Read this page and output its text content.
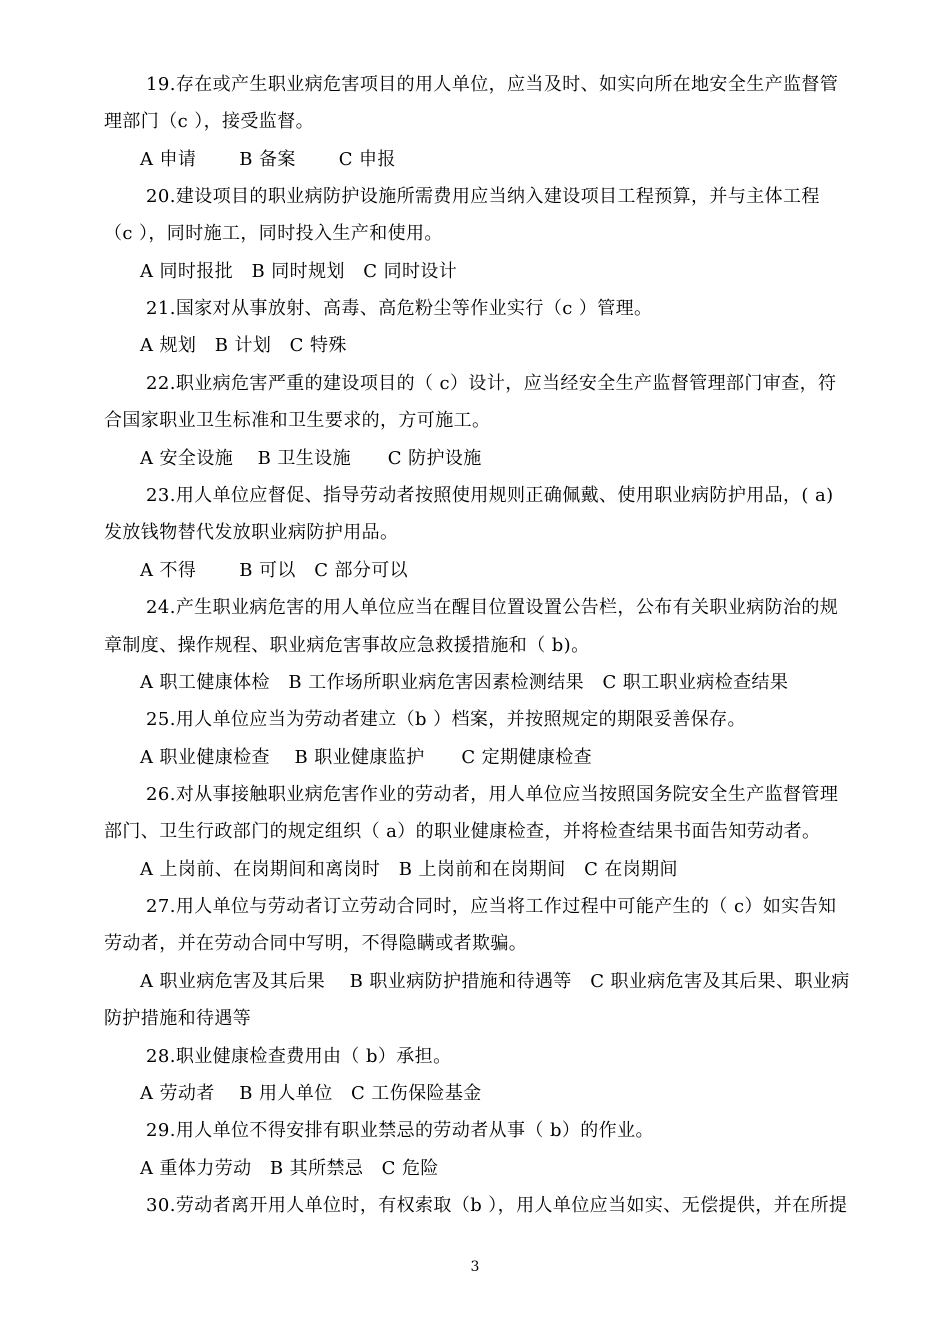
19.存在或产生职业病危害项目的用人单位，应当及时、如实向所在地安全生产监督管
理部门（c ），接受监督。
A 申请　　 B 备案　　 C 申报
20.建设项目的职业病防护设施所需费用应当纳入建设项目工程预算，并与主体工程
（c ），同时施工，同时投入生产和使用。
A 同时报批　B 同时规划　C 同时设计
21.国家对从事放射、高毒、高危粉尘等作业实行（c ）管理。
A 规划　B 计划　C 特殊
22.职业病危害严重的建设项目的（ c）设计，应当经安全生产监督管理部门审查，符
合国家职业卫生标准和卫生要求的，方可施工。
A 安全设施　 B 卫生设施　　C 防护设施
23.用人单位应督促、指导劳动者按照使用规则正确佩戴、使用职业病防护用品，( a)
发放钱物替代发放职业病防护用品。
A 不得　　 B 可以　C 部分可以
24.产生职业病危害的用人单位应当在醒目位置设置公告栏，公布有关职业病防治的规
章制度、操作规程、职业病危害事故应急救援措施和（ b)。
A 职工健康体检　B 工作场所职业病危害因素检测结果　C 职工职业病检查结果
25.用人单位应当为劳动者建立（b ）档案，并按照规定的期限妥善保存。
A 职业健康检查　 B 职业健康监护　　C 定期健康检查
26.对从事接触职业病危害作业的劳动者，用人单位应当按照国务院安全生产监督管理
部门、卫生行政部门的规定组织（ a）的职业健康检查，并将检查结果书面告知劳动者。
A 上岗前、在岗期间和离岗时　B 上岗前和在岗期间　C 在岗期间
27.用人单位与劳动者订立劳动合同时，应当将工作过程中可能产生的（ c）如实告知
劳动者，并在劳动合同中写明，不得隐瞒或者欺骗。
A 职业病危害及其后果　 B 职业病防护措施和待遇等　C 职业病危害及其后果、职业病
防护措施和待遇等
28.职业健康检查费用由（ b）承担。
A 劳动者　 B 用人单位　C 工伤保险基金
29.用人单位不得安排有职业禁忌的劳动者从事（ b）的作业。
A 重体力劳动　B 其所禁忌　C 危险
30.劳动者离开用人单位时，有权索取（b ），用人单位应当如实、无偿提供，并在所提
3
